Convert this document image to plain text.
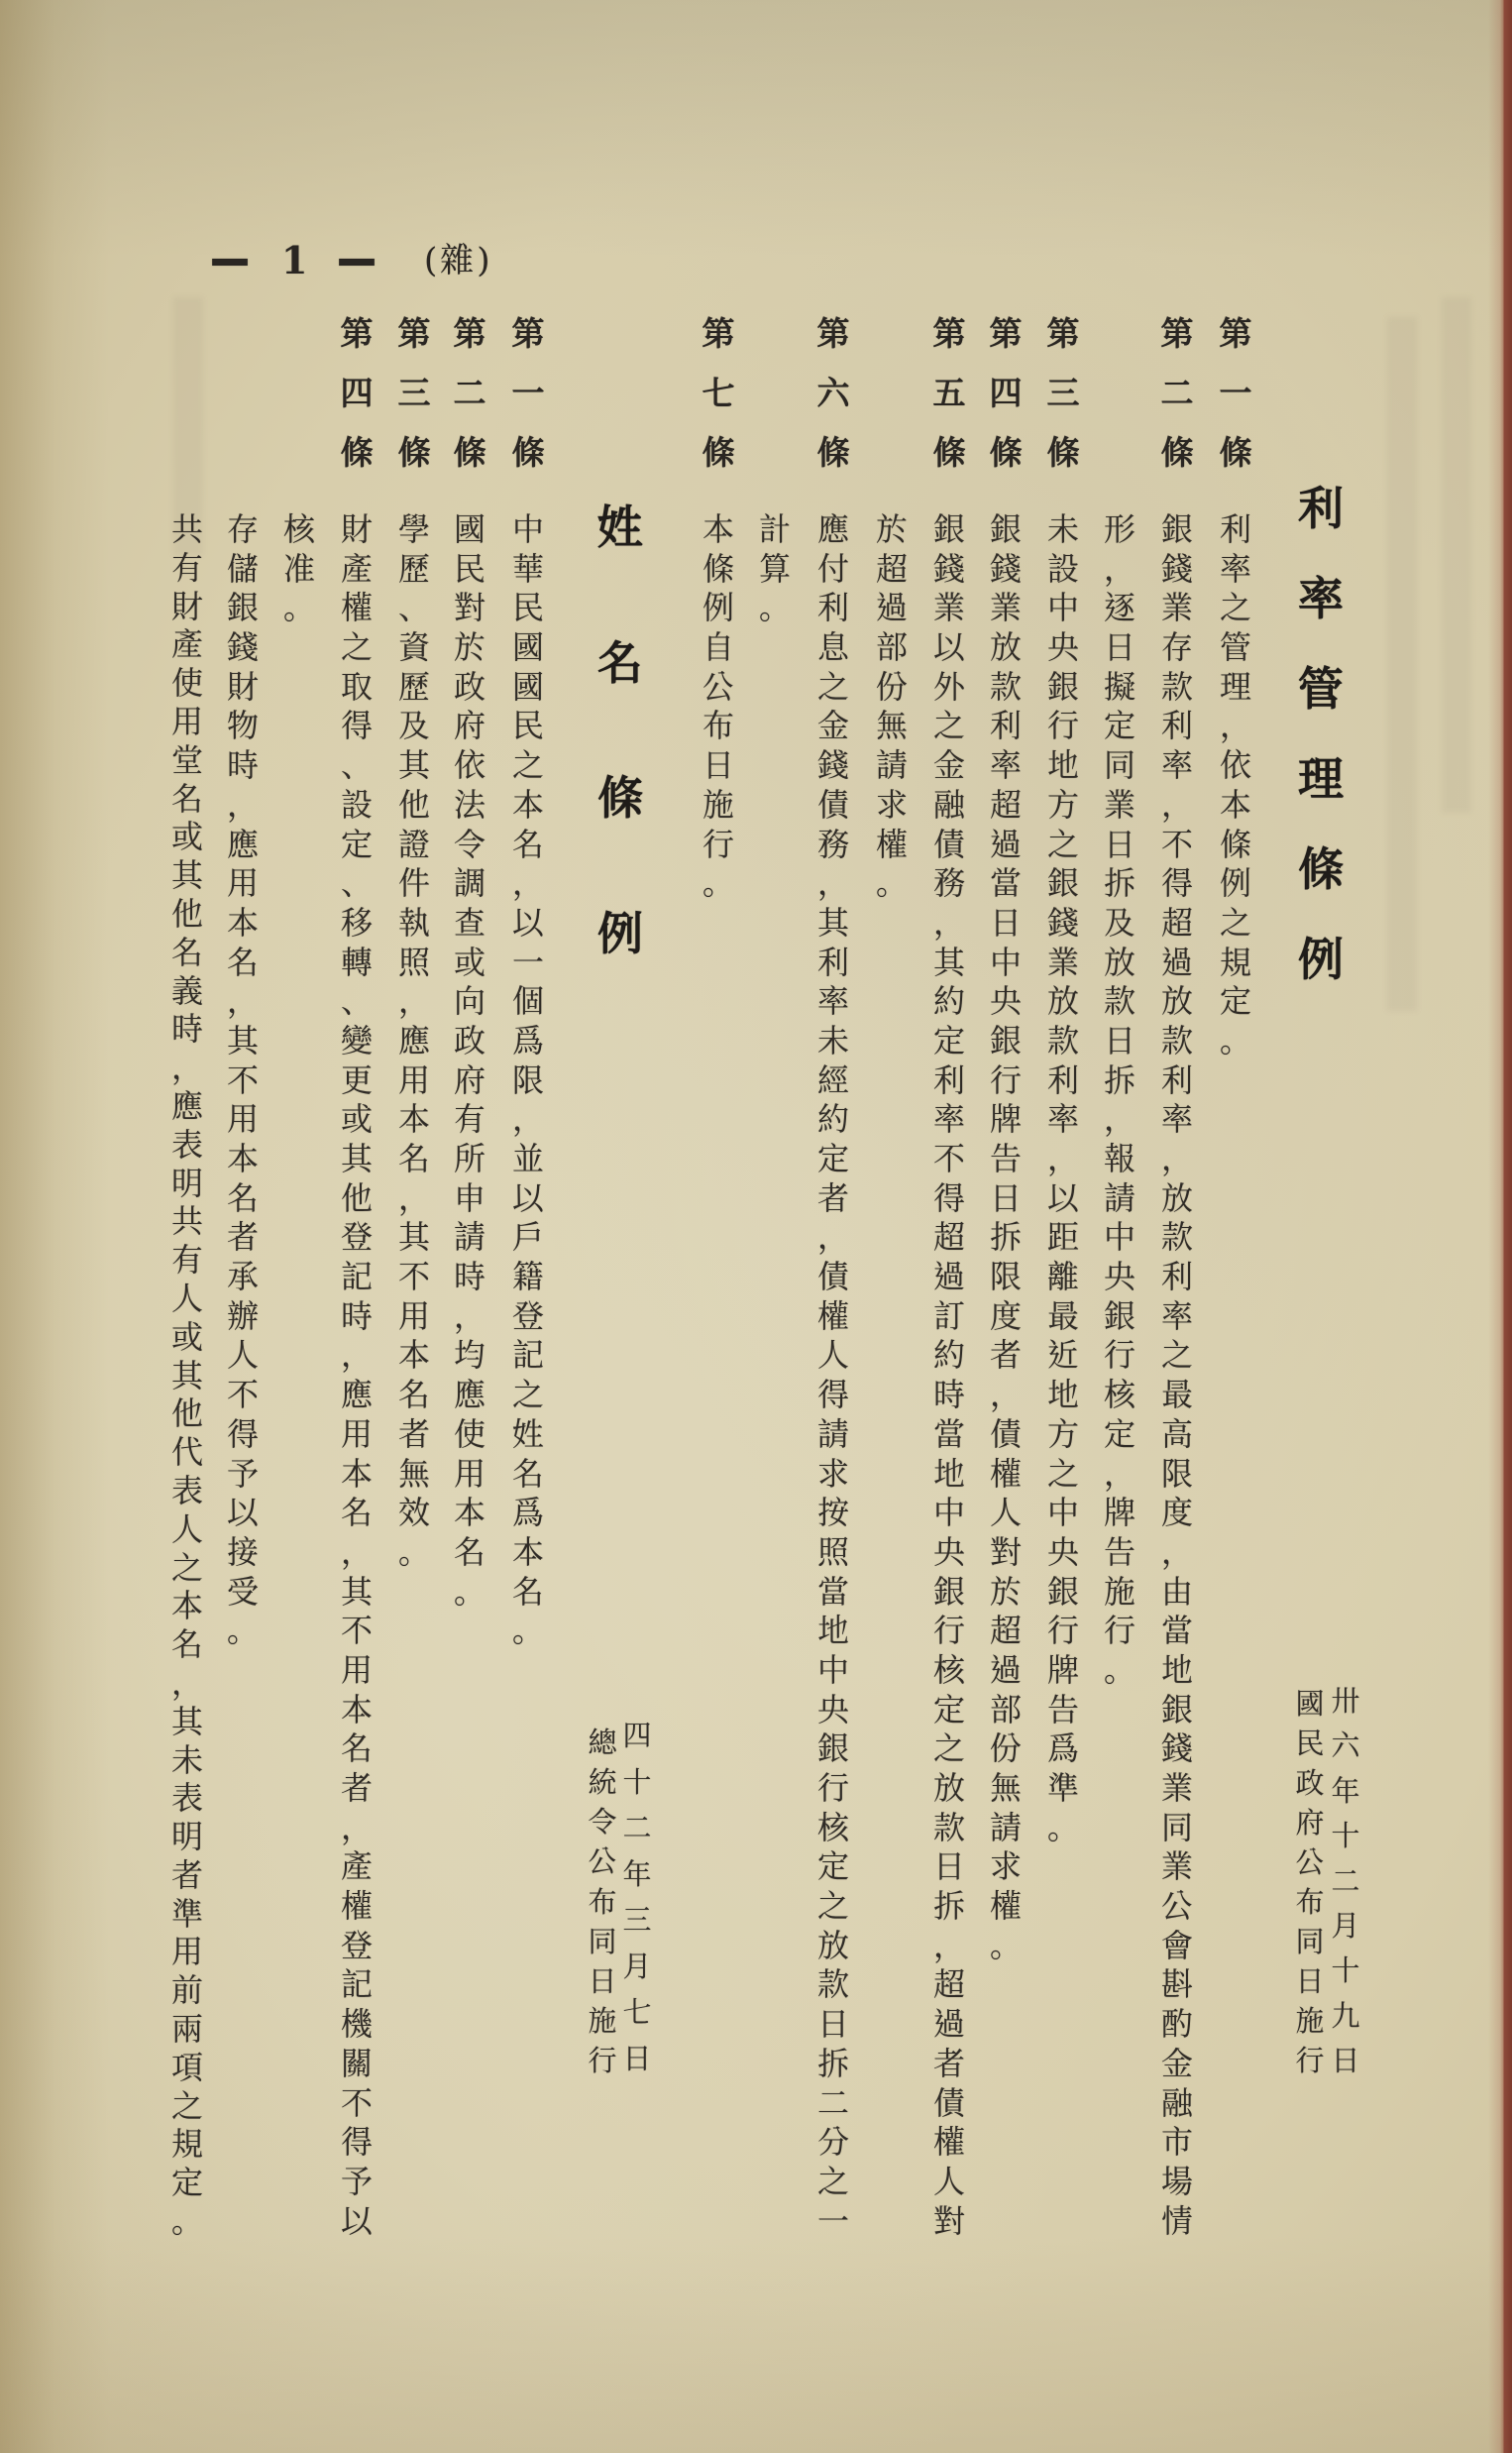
— 1 — (雜)
利
率
管
理
條
例
卅
六
年
十
二
月
十
九
日
國
民
政
府
公
布
同
日
施
行
第
一
條
利
率
之
管
理
，
依
本
條
例
之
規
定
。
第
二
條
銀
錢
業
存
款
利
率
，
不
得
超
過
放
款
利
率
，
放
款
利
率
之
最
高
限
度
，
由
當
地
銀
錢
業
同
業
公
會
斟
酌
金
融
市
場
情
形
，
逐
日
擬
定
同
業
日
拆
及
放
款
日
拆
，
報
請
中
央
銀
行
核
定
，
牌
告
施
行
。
第
三
條
未
設
中
央
銀
行
地
方
之
銀
錢
業
放
款
利
率
，
以
距
離
最
近
地
方
之
中
央
銀
行
牌
告
爲
準
。
第
四
條
銀
錢
業
放
款
利
率
超
過
當
日
中
央
銀
行
牌
告
日
拆
限
度
者
，
債
權
人
對
於
超
過
部
份
無
請
求
權
。
第
五
條
銀
錢
業
以
外
之
金
融
債
務
，
其
約
定
利
率
不
得
超
過
訂
約
時
當
地
中
央
銀
行
核
定
之
放
款
日
拆
，
超
過
者
債
權
人
對
於
超
過
部
份
無
請
求
權
。
第
六
條
應
付
利
息
之
金
錢
債
務
，
其
利
率
未
經
約
定
者
，
債
權
人
得
請
求
按
照
當
地
中
央
銀
行
核
定
之
放
款
日
拆
二
分
之
一
計
算
。
第
七
條
本
條
例
自
公
布
日
施
行
。
姓
名
條
例
四
十
二
年
三
月
七
日
總
統
令
公
布
同
日
施
行
第
一
條
中
華
民
國
國
民
之
本
名
，
以
一
個
爲
限
，
並
以
戶
籍
登
記
之
姓
名
爲
本
名
。
第
二
條
國
民
對
於
政
府
依
法
令
調
查
或
向
政
府
有
所
申
請
時
，
均
應
使
用
本
名
。
第
三
條
學
歷
、
資
歷
及
其
他
證
件
執
照
，
應
用
本
名
，
其
不
用
本
名
者
無
效
。
第
四
條
財
產
權
之
取
得
、
設
定
、
移
轉
、
變
更
或
其
他
登
記
時
，
應
用
本
名
，
其
不
用
本
名
者
，
產
權
登
記
機
關
不
得
予
以
核
准
。
存
儲
銀
錢
財
物
時
，
應
用
本
名
，
其
不
用
本
名
者
承
辦
人
不
得
予
以
接
受
。
共
有
財
產
使
用
堂
名
或
其
他
名
義
時
，
應
表
明
共
有
人
或
其
他
代
表
人
之
本
名
，
其
未
表
明
者
準
用
前
兩
項
之
規
定
。
